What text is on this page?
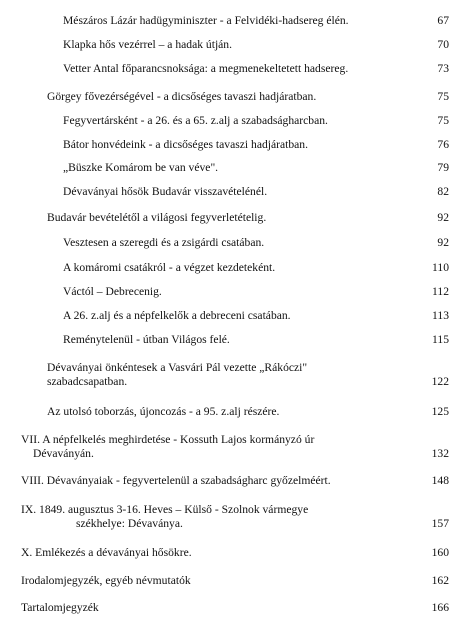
Mészáros Lázár hadügyminiszter - a Felvidéki-hadsereg élén.	67
Klapka hős vezérrel – a hadak útján.	70
Vetter Antal főparancsnoksága: a megmenekeltetett hadsereg.	73
Görgey fővezérségével - a dicsőséges tavaszi hadjáratban.	75
Fegyvertársként - a 26. és a 65. z.alj a szabadságharcban.	75
Bátor honvédeink - a dicsőséges tavaszi hadjáratban.	76
„Büszke Komárom be van véve".	79
Dévaványai hősök Budavár visszavételénél.	82
Budavár bevételétől a világosi fegyverletételig.	92
Vesztesen a szeregdi és a zsigárdi csatában.	92
A komáromi csatákról - a végzet kezdeteként.	110
Váctól – Debrecenig.	112
A 26. z.alj és a népfelkelők a debreceni csatában.	113
Reménytelenül - útban Világos felé.	115
Dévaványai önkéntesek a Vasvári Pál vezette „Rákóczi"
szabadcsapatban.	122
Az utolsó toborzás, újoncozás - a 95. z.alj részére.	125
VII. A népfelkelés meghirdetése - Kossuth Lajos kormányzó úr
Dévaványán.	132
VIII. Dévaványaiak - fegyvertelenül a szabadságharc győzelméért.	148
IX. 1849. augusztus 3-16. Heves – Külső - Szolnok vármegye
székhelye: Dévaványa.	157
X. Emlékezés a dévaványai hősökre.	160
Irodalomjegyzék, egyéb névmutatók	162
Tartalomjegyzék	166
